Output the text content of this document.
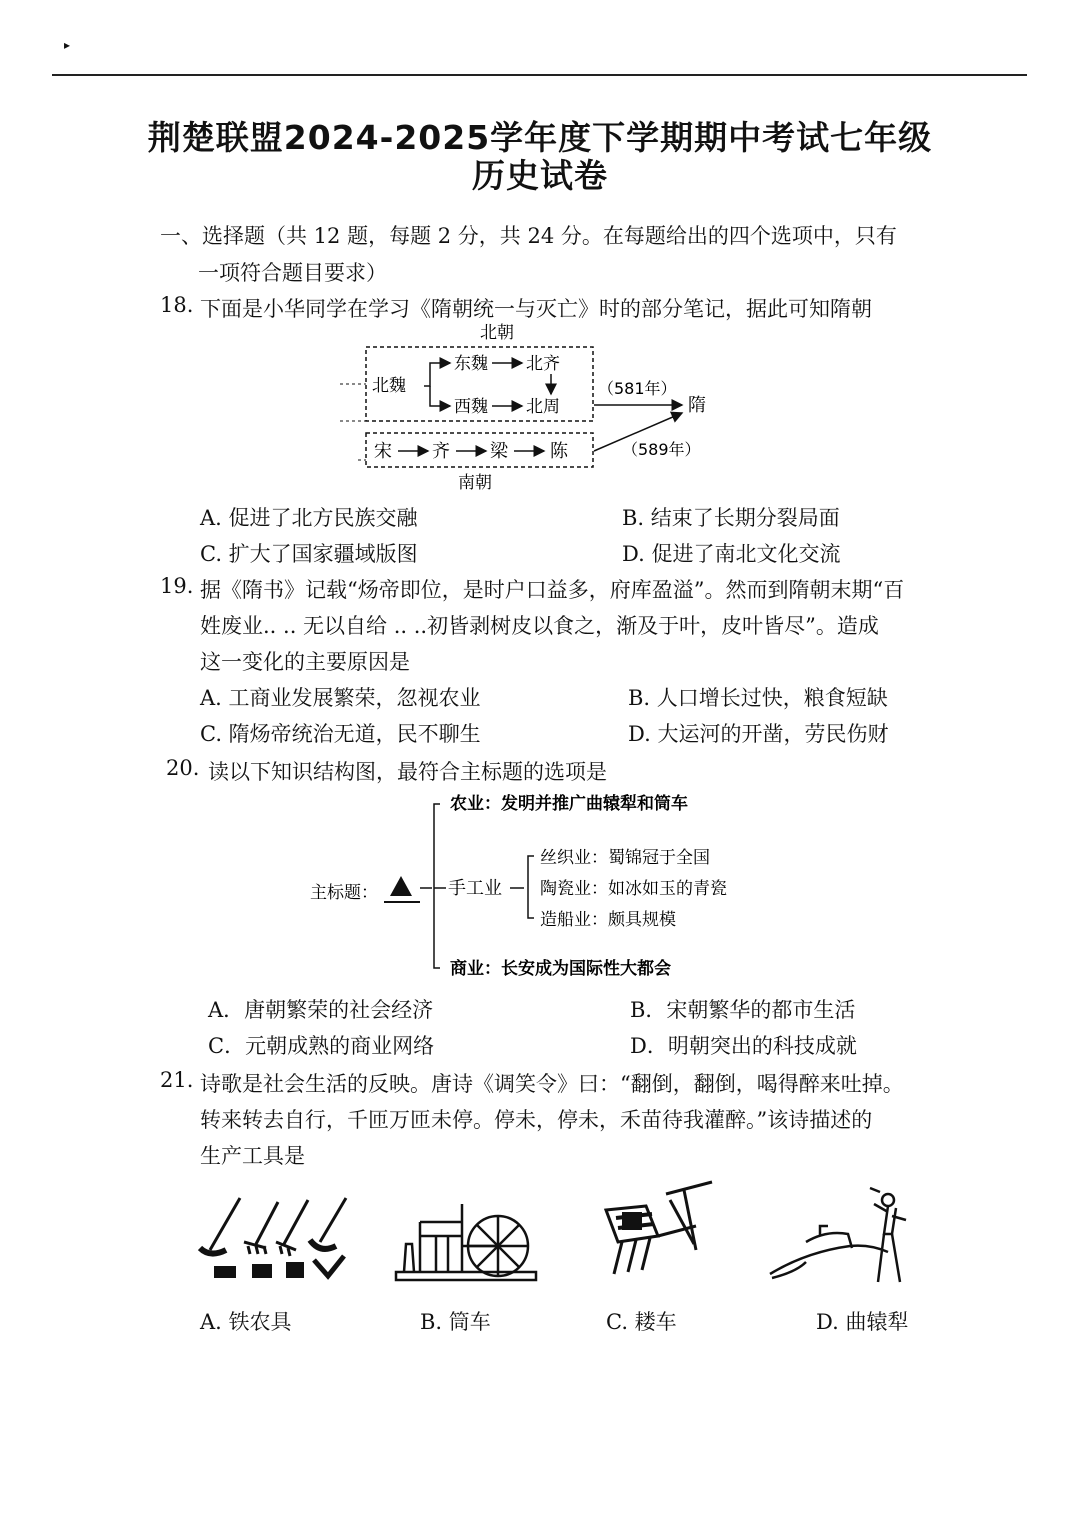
▸
荆楚联盟2024-2025学年度下学期期中考试七年级
历史试卷
一、选择题（共 12 题，每题 2 分，共 24 分。在每题给出的四个选项中，只有
一项符合题目要求）
18. 下面是小华同学在学习《隋朝统一与灭亡》时的部分笔记，据此可知隋朝
北朝
北魏
东魏 北齐
西魏 北周
（581年）
隋
宋 齐 梁 陈	（589年）
南朝
A. 促进了北方民族交融	B. 结束了长期分裂局面
C. 扩大了国家疆域版图	D. 促进了南北文化交流
19. 据《隋书》记载“炀帝即位，是时户口益多，府库盈溢”。然而到隋朝末期“百
姓废业.. .. 无以自给 .. ..初皆剥树皮以食之，渐及于叶，皮叶皆尽”。造成
这一变化的主要原因是
A. 工商业发展繁荣，忽视农业	B. 人口增长过快，粮食短缺
C. 隋炀帝统治无道，民不聊生	D. 大运河的开凿，劳民伤财
20. 读以下知识结构图，最符合主标题的选项是
主标题：
农业：发明并推广曲辕犁和筒车
手工业
丝织业：蜀锦冠于全国
陶瓷业：如冰如玉的青瓷
造船业：颇具规模
商业：长安成为国际性大都会
A．唐朝繁荣的社会经济	B．宋朝繁华的都市生活
C．元朝成熟的商业网络	D．明朝突出的科技成就
21. 诗歌是社会生活的反映。唐诗《调笑令》曰：“翻倒，翻倒，喝得醉来吐掉。
转来转去自行，千匝万匝未停。停未，停未，禾苗待我灌醉。”该诗描述的
生产工具是
A. 铁农具	B. 筒车	C. 耧车	D. 曲辕犁
